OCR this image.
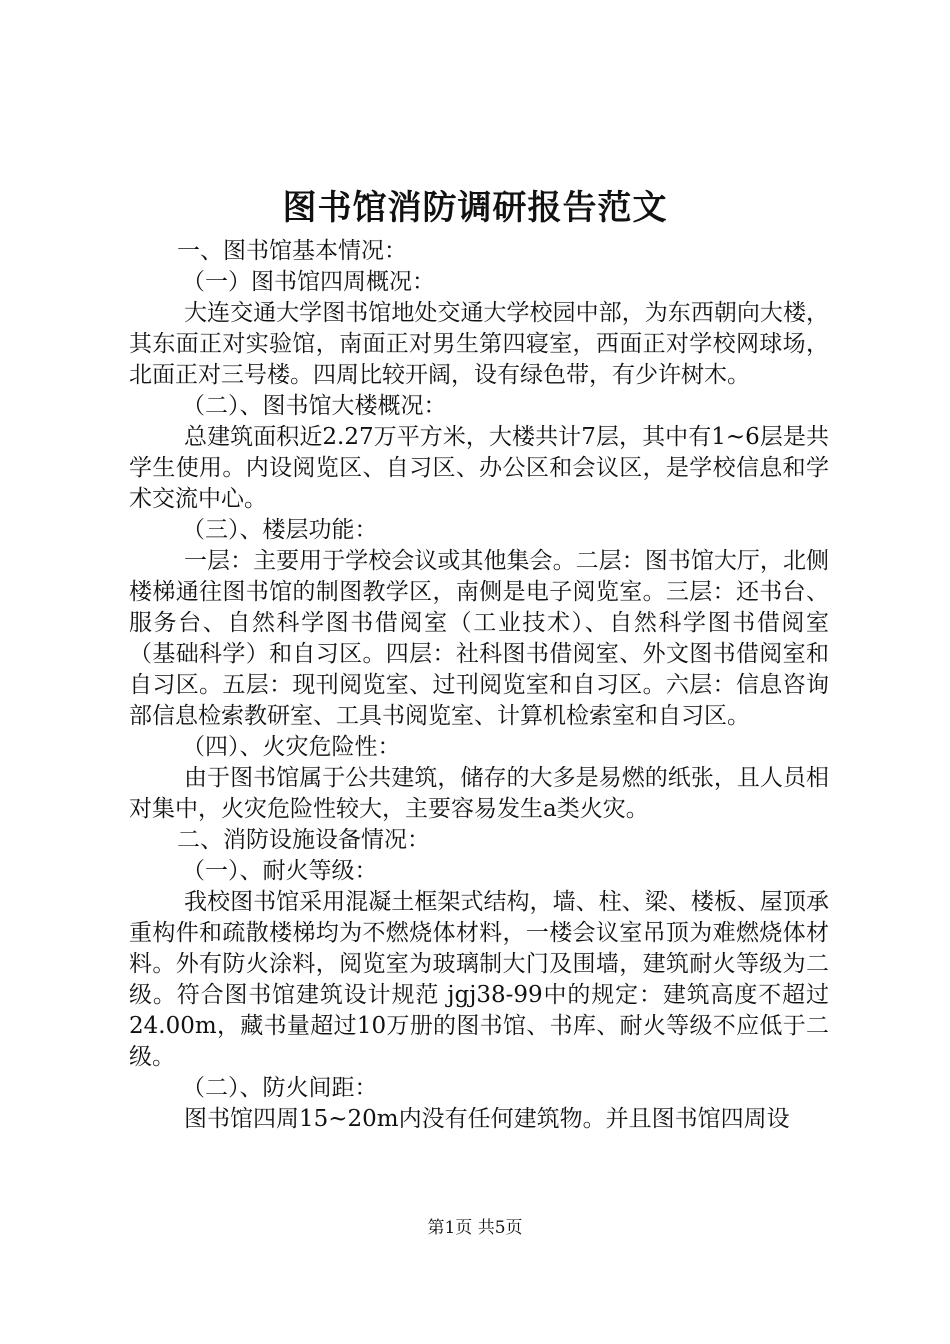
图书馆消防调研报告范文

一、图书馆基本情况：

（一）图书馆四周概况：

大连交通大学图书馆地处交通大学校园中部，为东西朝向大楼，其东面正对实验馆，南面正对男生第四寝室，西面正对学校网球场，北面正对三号楼。四周比较开阔，设有绿色带，有少许树木。

（二）、图书馆大楼概况：

总建筑面积近2.27万平方米，大楼共计7层，其中有1~6层是共学生使用。内设阅览区、自习区、办公区和会议区，是学校信息和学术交流中心。

（三）、楼层功能：

一层：主要用于学校会议或其他集会。二层：图书馆大厅，北侧楼梯通往图书馆的制图教学区，南侧是电子阅览室。三层：还书台、服务台、自然科学图书借阅室（工业技术）、自然科学图书借阅室（基础科学）和自习区。四层：社科图书借阅室、外文图书借阅室和自习区。五层：现刊阅览室、过刊阅览室和自习区。六层：信息咨询部信息检索教研室、工具书阅览室、计算机检索室和自习区。

（四）、火灾危险性：

由于图书馆属于公共建筑，储存的大多是易燃的纸张，且人员相对集中，火灾危险性较大，主要容易发生a类火灾。

二、消防设施设备情况：

（一）、耐火等级：

我校图书馆采用混凝土框架式结构，墙、柱、梁、楼板、屋顶承重构件和疏散楼梯均为不燃烧体材料，一楼会议室吊顶为难燃烧体材料。外有防火涂料，阅览室为玻璃制大门及围墙，建筑耐火等级为二级。符合图书馆建筑设计规范 jgj38-99中的规定：建筑高度不超过24.00m，藏书量超过10万册的图书馆、书库、耐火等级不应低于二级。

（二）、防火间距：

图书馆四周15~20m内没有任何建筑物。并且图书馆四周设

第1页 共5页
